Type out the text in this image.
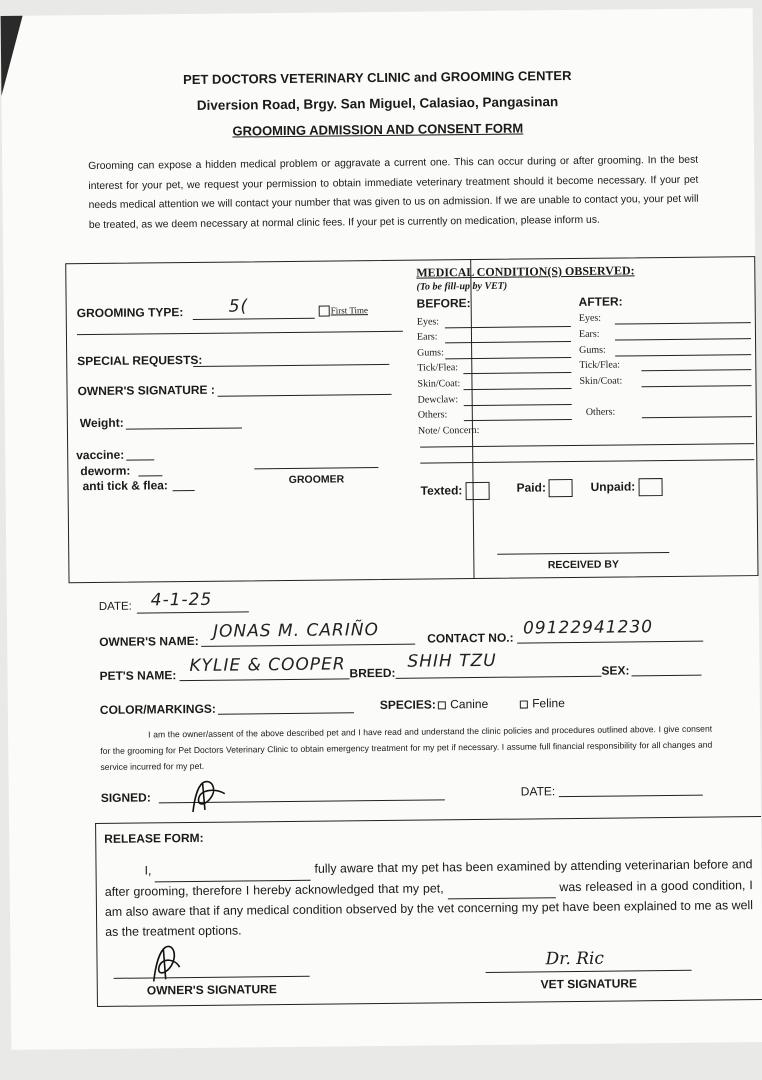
PET DOCTORS VETERINARY CLINIC and GROOMING CENTER
Diversion Road, Brgy. San Miguel, Calasiao, Pangasinan
GROOMING ADMISSION AND CONSENT FORM
Grooming can expose a hidden medical problem or aggravate a current one. This can occur during or after grooming. In the best interest for your pet, we request your permission to obtain immediate veterinary treatment should it become necessary. If your pet needs medical attention we will contact your number that was given to us on admission. If we are unable to contact you, your pet will be treated, as we deem necessary at normal clinic fees. If your pet is currently on medication, please inform us.
GROOMING TYPE:	5(	First Time
SPECIAL REQUESTS:
OWNER'S SIGNATURE :
Weight:
vaccine:
deworm:
anti tick & flea:	GROOMER
MEDICAL CONDITION(S) OBSERVED:
(To be fill-up by VET)
BEFORE:	AFTER:
Texted:	Paid:	Unpaid:
RECEIVED BY
Eyes:
Ears:
Gums:
Tick/Flea:
Skin/Coat:
Dewclaw:
Others:
Note/ Concern:
Eyes:
Ears:
Gums:
Tick/Flea:
Skin/Coat:
Others:
DATE: 4-1-25
OWNER'S NAME: JONAS M. CARIÑO	CONTACT NO.: 09122941230
PET'S NAME: KYLIE & COOPER BREED:
SHIH TZU	SEX:
COLOR/MARKINGS:	SPECIES:	Canine	Feline
I am the owner/assent of the above described pet and I have read and understand the clinic policies and procedures outlined above. I give consent for the grooming for Pet Doctors Veterinary Clinic to obtain emergency treatment for my pet if necessary. I assume full financial responsibility for all changes and service incurred for my pet.
SIGNED:	DATE:
RELEASE FORM:
I,	fully aware that my pet has been examined by attending veterinarian before and after grooming, therefore I hereby acknowledged that my pet,	was released in a good condition, I am also aware that if any medical condition observed by the vet concerning my pet have been explained to me as well as the treatment options.
OWNER'S SIGNATURE
Dr. Ric
VET SIGNATURE
